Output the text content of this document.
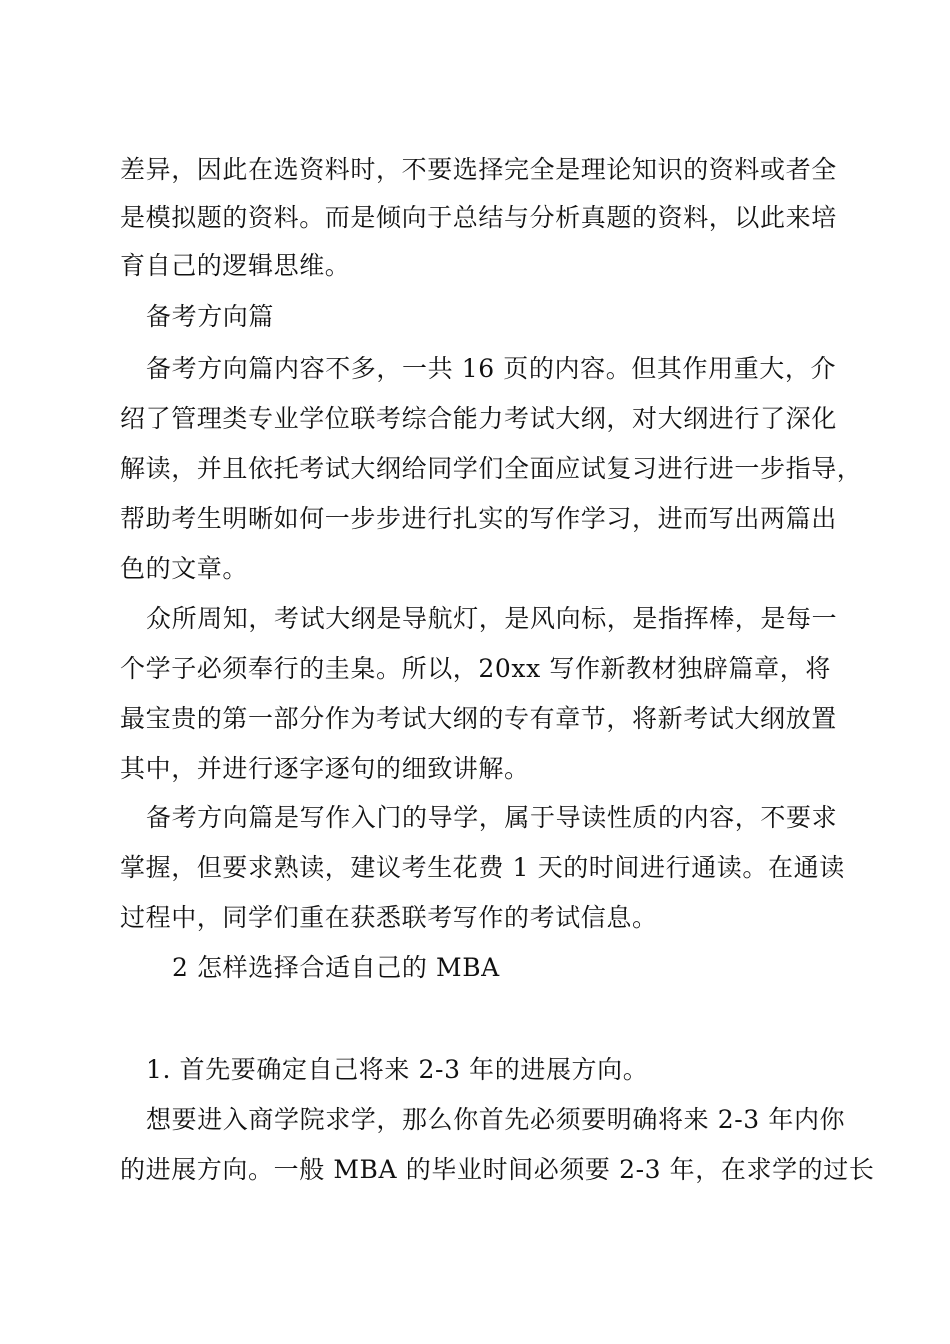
差异，因此在选资料时，不要选择完全是理论知识的资料或者全
是模拟题的资料。而是倾向于总结与分析真题的资料，以此来培
育自己的逻辑思维。
备考方向篇
备考方向篇内容不多，一共 16 页的内容。但其作用重大，介
绍了管理类专业学位联考综合能力考试大纲，对大纲进行了深化
解读，并且依托考试大纲给同学们全面应试复习进行进一步指导，
帮助考生明晰如何一步步进行扎实的写作学习，进而写出两篇出
色的文章。
众所周知，考试大纲是导航灯，是风向标，是指挥棒，是每一
个学子必须奉行的圭臬。所以，20xx 写作新教材独辟篇章，将
最宝贵的第一部分作为考试大纲的专有章节，将新考试大纲放置
其中，并进行逐字逐句的细致讲解。
备考方向篇是写作入门的导学，属于导读性质的内容，不要求
掌握，但要求熟读，建议考生花费 1 天的时间进行通读。在通读
过程中，同学们重在获悉联考写作的考试信息。
2 怎样选择合适自己的 MBA
1. 首先要确定自己将来 2-3 年的进展方向。
想要进入商学院求学，那么你首先必须要明确将来 2-3 年内你
的进展方向。一般 MBA 的毕业时间必须要 2-3 年，在求学的过长
